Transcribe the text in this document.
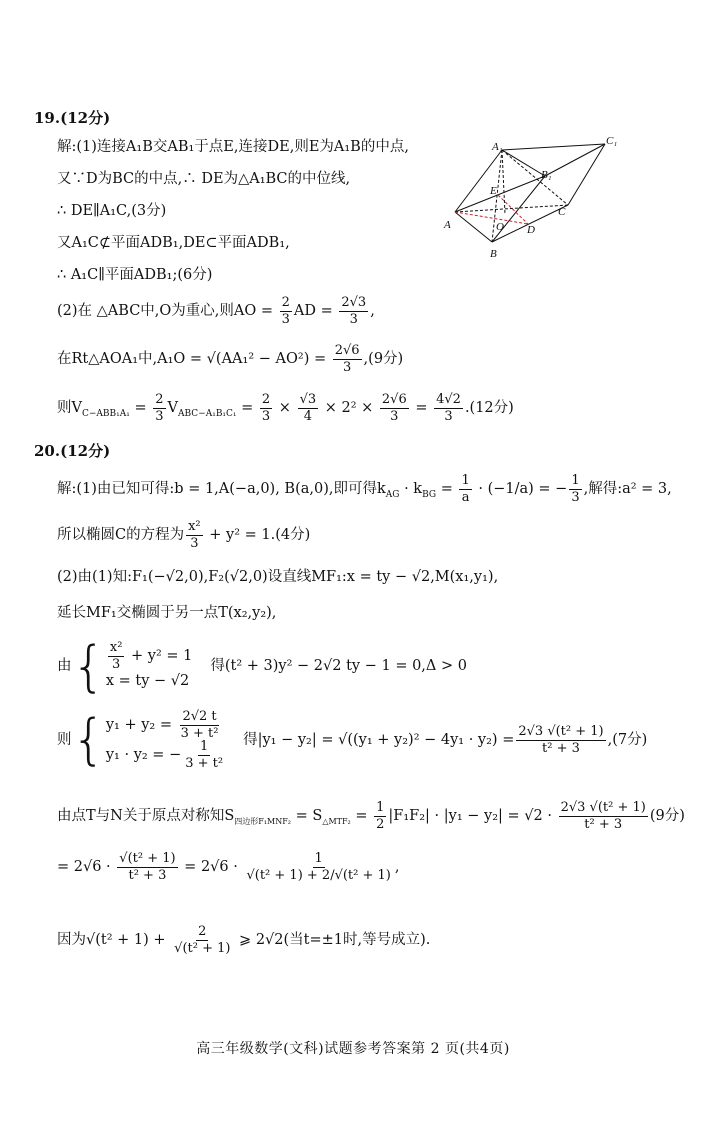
19.(12分)
解:(1)连接A₁B交AB₁于点E,连接DE,则E为A₁B的中点,
又∵D为BC的中点,∴ DE为△A₁BC的中位线,
∴ DE∥A₁C,(3分)
又A₁C⊄平面ADB₁,DE⊂平面ADB₁,
∴ A₁C∥平面ADB₁;(6分)
(2)在 △ABC中,O为重心,则AO = $\frac{2}{3}$ AD = $\frac{2√3}{3}$ ,
在Rt△AOA₁中$,A_1O = √(AA_1^2 - AO^2) = \frac{2√6}{3} ,(9$分)
则$V_{C-ABB_1A_1} = \frac{2}{3} V_{ABC-A_1B_1C_1} = \frac{2}{3} \times \frac{√3}{4} \times 2^2 \times \frac{2√6}{3} = \frac{4√2}{3} .(12$分)
A₁	C₁
B₁
E
C
A	O D
B
20.(12分)
解:(1)由已知可得:b = 1,A(−a,0), B(a,0),即可得$k_{AG} \cdot k_{BG} = \frac{1}{a} \cdot (-1/a)$ = − $\frac{1}{3}$ ,解得:a² = 3,
所以椭圆C的方程为 $\frac{\text{x²}}{3} + y^2 = 1.(4$分)
(2)由(1)知:F₁(−√2,0),F₂(√2,0)设直线MF₁:x = ty − √2,M(x₁,y₁),
延长MF₁交椭圆于另一点T(x₂,y₂),
由 { $\frac{\text{x²}}{3} + y^2 = 1$
x = ty − √2
得(t² + 3)y² − 2√2 ty − 1 = 0,Δ > 0
则 { $y_1 + y_2 = \frac{2√2 t}{\text{3 + t²}}$
y₁ · y₂ = − $\frac{1}{\text{3 + t²}}$
得$|y_1 - y_2| = √((y_1 + y_2)^2 - 4y_1 \cdot y_2) = \frac{\text{2√3 √(t² + 1)}}{\text{t² + 3}} ,(7$分)
由点T与N关于原点对称知$S_{四边形F_1MNF_2} = S_{\triangle MTF_2} = \frac{1}{2} |F_1F_2| \cdot |y_1 - y_2| = √2 \cdot \frac{\text{2√3 √(t² + 1)}}{\text{t² + 3}} (9$分)
= $2√6 \cdot \frac{\text{√(t² + 1)}}{\text{t² + 3}} = 2√6 \cdot \frac{1}{\text{√(t² + 1) + 2/√(t² + 1)}}$ ,
因为$√(t^2 + 1) + \frac{2}{\text{√(t² + 1)}}$ ⩾ 2√2(当t=±1时,等号成立).
高三年级数学(文科)试题参考答案第 2 页(共4页)
